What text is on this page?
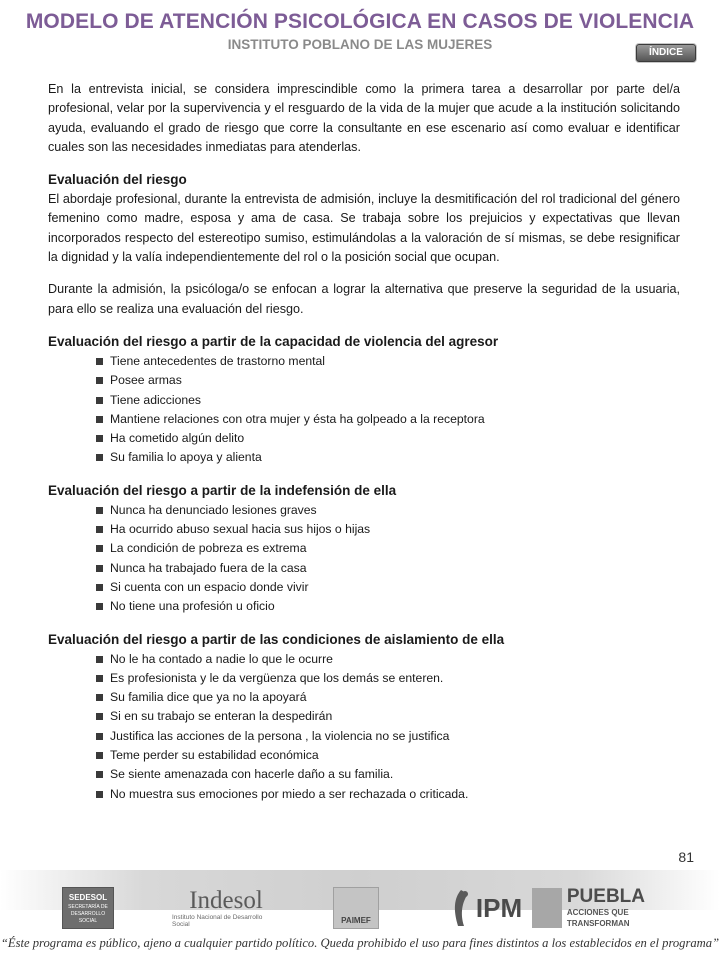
MODELO DE ATENCIÓN PSICOLÓGICA EN CASOS DE VIOLENCIA
INSTITUTO POBLANO DE LAS MUJERES
ÍNDICE

En la entrevista inicial, se considera imprescindible como la primera tarea a desarrollar por parte del/a profesional, velar por la supervivencia y el resguardo de la vida de la mujer que acude a la institución solicitando ayuda, evaluando el grado de riesgo que corre la consultante en ese escenario así como evaluar e identificar cuales son las necesidades inmediatas para atenderlas.

Evaluación del riesgo

El abordaje profesional, durante la entrevista de admisión, incluye la desmitificación del rol tradicional del género femenino como madre, esposa y ama de casa. Se trabaja sobre los prejuicios y expectativas que llevan incorporados respecto del estereotipo sumiso, estimulándolas a la valoración de sí mismas, se debe resignificar la dignidad y la valía independientemente del rol o la posición social que ocupan.

Durante la admisión, la psicóloga/o se enfocan a lograr la alternativa que preserve la seguridad de la usuaria, para ello se realiza una evaluación del riesgo.

Evaluación del riesgo a partir de la capacidad de violencia del agresor
Tiene antecedentes de trastorno mental
Posee armas
Tiene adicciones
Mantiene relaciones con otra mujer y ésta ha golpeado a la receptora
Ha cometido algún delito
Su familia lo apoya y alienta
Evaluación del riesgo a partir de la indefensión de ella
Nunca ha denunciado lesiones graves
Ha ocurrido abuso sexual hacia sus hijos o hijas
La condición de pobreza es extrema
Nunca ha trabajado fuera de la casa
Si cuenta con un espacio donde vivir
No tiene una profesión u oficio
Evaluación del riesgo a partir de las condiciones de aislamiento de ella
No le ha contado a nadie lo que le ocurre
Es profesionista y le da vergüenza que los demás se enteren.
Su familia dice que ya no la apoyará
Si en su trabajo se enteran la despedirán
Justifica las acciones de la persona , la violencia no se justifica
Teme perder su estabilidad económica
Se siente amenazada con hacerle daño a su familia.
No muestra sus emociones por miedo a ser rechazada o criticada.
81
SEDESOL
SECRETARÍA DE DESARROLLO SOCIAL
Indesol
Instituto Nacional de Desarrollo Social	PAIMEF	IPM PUEBLA
ACCIONES QUE TRANSFORMAN
“Éste programa es público, ajeno a cualquier partido político. Queda prohibido el uso para fines distintos a los establecidos en el programa”
